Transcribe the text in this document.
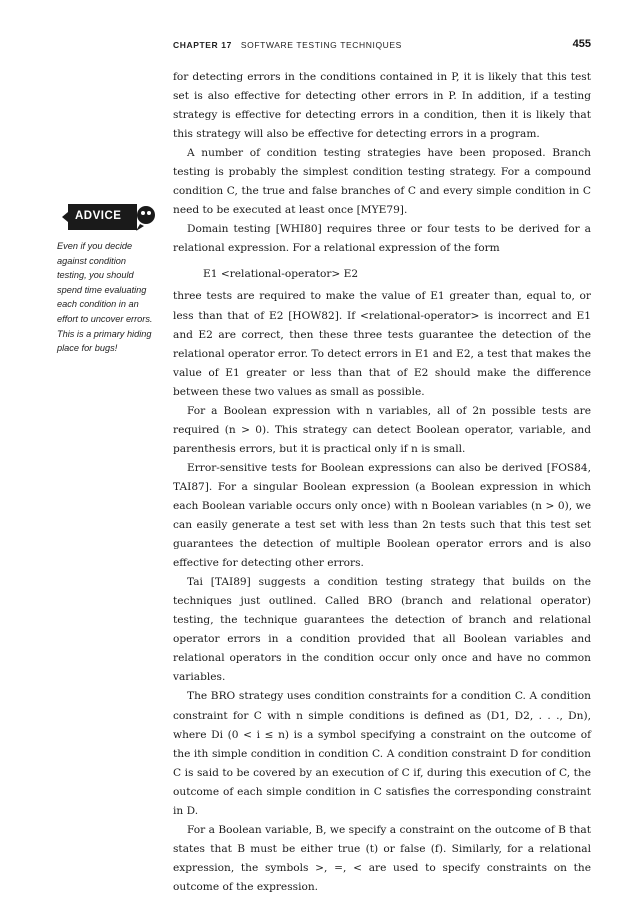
CHAPTER 17 SOFTWARE TESTING TECHNIQUES	455
ADVICE
Even if you decide against condition testing, you should spend time evaluating each condition in an effort to uncover errors. This is a primary hiding place for bugs!

for detecting errors in the conditions contained in P, it is likely that this test set is also effective for detecting other errors in P. In addition, if a testing strategy is effective for detecting errors in a condition, then it is likely that this strategy will also be effective for detecting errors in a program.

A number of condition testing strategies have been proposed. Branch testing is probably the simplest condition testing strategy. For a compound condition C, the true and false branches of C and every simple condition in C need to be executed at least once [MYE79].

Domain testing [WHI80] requires three or four tests to be derived for a relational expression. For a relational expression of the form

E1 <relational-operator> E2

three tests are required to make the value of E1 greater than, equal to, or less than that of E2 [HOW82]. If <relational-operator> is incorrect and E1 and E2 are correct, then these three tests guarantee the detection of the relational operator error. To detect errors in E1 and E2, a test that makes the value of E1 greater or less than that of E2 should make the difference between these two values as small as possible.

For a Boolean expression with n variables, all of 2n possible tests are required (n > 0). This strategy can detect Boolean operator, variable, and parenthesis errors, but it is practical only if n is small.

Error-sensitive tests for Boolean expressions can also be derived [FOS84, TAI87]. For a singular Boolean expression (a Boolean expression in which each Boolean variable occurs only once) with n Boolean variables (n > 0), we can easily generate a test set with less than 2n tests such that this test set guarantees the detection of multiple Boolean operator errors and is also effective for detecting other errors.

Tai [TAI89] suggests a condition testing strategy that builds on the techniques just outlined. Called BRO (branch and relational operator) testing, the technique guarantees the detection of branch and relational operator errors in a condition provided that all Boolean variables and relational operators in the condition occur only once and have no common variables.

The BRO strategy uses condition constraints for a condition C. A condition constraint for C with n simple conditions is defined as (D1, D2, . . ., Dn), where Di (0 < i ≤ n) is a symbol specifying a constraint on the outcome of the ith simple condition in condition C. A condition constraint D for condition C is said to be covered by an execution of C if, during this execution of C, the outcome of each simple condition in C satisfies the corresponding constraint in D.

For a Boolean variable, B, we specify a constraint on the outcome of B that states that B must be either true (t) or false (f). Similarly, for a relational expression, the symbols >, =, < are used to specify constraints on the outcome of the expression.
